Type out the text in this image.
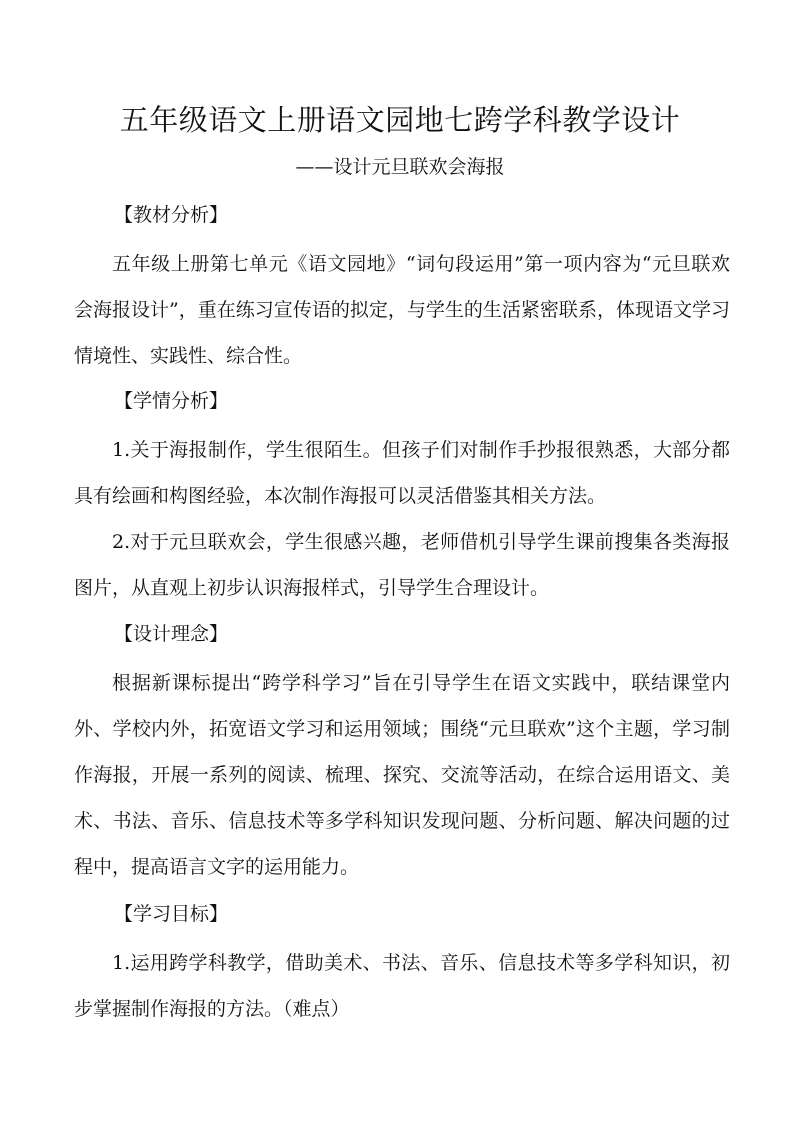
五年级语文上册语文园地七跨学科教学设计
——设计元旦联欢会海报
【教材分析】
五年级上册第七单元《语文园地》“词句段运用”第一项内容为“元旦联欢会海报设计”，重在练习宣传语的拟定，与学生的生活紧密联系，体现语文学习情境性、实践性、综合性。
【学情分析】
1.关于海报制作，学生很陌生。但孩子们对制作手抄报很熟悉，大部分都具有绘画和构图经验，本次制作海报可以灵活借鉴其相关方法。
2.对于元旦联欢会，学生很感兴趣，老师借机引导学生课前搜集各类海报图片，从直观上初步认识海报样式，引导学生合理设计。
【设计理念】
根据新课标提出“跨学科学习”旨在引导学生在语文实践中，联结课堂内外、学校内外，拓宽语文学习和运用领域；围绕“元旦联欢”这个主题，学习制作海报，开展一系列的阅读、梳理、探究、交流等活动，在综合运用语文、美术、书法、音乐、信息技术等多学科知识发现问题、分析问题、解决问题的过程中，提高语言文字的运用能力。
【学习目标】
1.运用跨学科教学，借助美术、书法、音乐、信息技术等多学科知识，初步掌握制作海报的方法。（难点）
